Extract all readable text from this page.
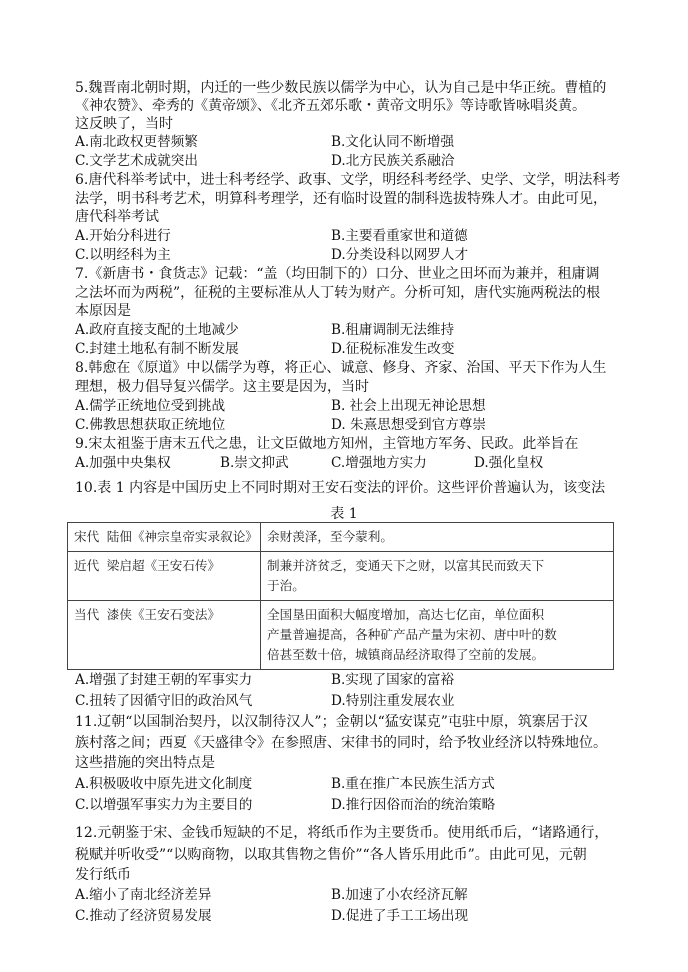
5.魏晋南北朝时期，内迁的一些少数民族以儒学为中心，认为自己是中华正统。曹植的
《神农赞》、牵秀的《黄帝颂》、《北齐五郊乐歌・黄帝文明乐》等诗歌皆咏唱炎黄。
这反映了，当时
A.南北政权更替频繁	B.文化认同不断增强
C.文学艺术成就突出	D.北方民族关系融洽
6.唐代科举考试中，进士科考经学、政事、文学，明经科考经学、史学、文学，明法科考
法学，明书科考艺术，明算科考理学，还有临时设置的制科选拔特殊人才。由此可见，
唐代科举考试
A.开始分科进行	B.主要看重家世和道德
C.以明经科为主	D.分类设科以网罗人才
7.《新唐书・食货志》记载：“盖（均田制下的）口分、世业之田坏而为兼并，租庸调
之法坏而为两税”，征税的主要标准从人丁转为财产。分析可知，唐代实施两税法的根
本原因是
A.政府直接支配的土地减少	B.租庸调制无法维持
C.封建土地私有制不断发展	D.征税标准发生改变
8.韩愈在《原道》中以儒学为尊，将正心、诚意、修身、齐家、治国、平天下作为人生
理想，极力倡导复兴儒学。这主要是因为，当时
A.儒学正统地位受到挑战	B. 社会上出现无神论思想
C.佛教思想获取正统地位	D. 朱熹思想受到官方尊崇
9.宋太祖鉴于唐末五代之患，让文臣做地方知州，主管地方军务、民政。此举旨在
A.加强中央集权	B.崇文抑武	C.增强地方实力	D.强化皇权
10.表 1 内容是中国历史上不同时期对王安石变法的评价。这些评价普遍认为，该变法
表 1
宋代 陆佃《神宗皇帝实录叙论》	余财羡泽，至今蒙利。

近代 梁启超《王安石传》	制兼并济贫乏，变通天下之财，以富其民而致天下
于治。

当代 漆侠《王安石变法》	全国垦田面积大幅度增加，高达七亿亩，单位面积
产量普遍提高，各种矿产品产量为宋初、唐中叶的数
倍甚至数十倍，城镇商品经济取得了空前的发展。
A.增强了封建王朝的军事实力	B.实现了国家的富裕
C.扭转了因循守旧的政治风气	D.特别注重发展农业
11.辽朝“以国制治契丹，以汉制待汉人”；金朝以“猛安谋克”屯驻中原，筑寨居于汉
族村落之间；西夏《天盛律令》在参照唐、宋律书的同时，给予牧业经济以特殊地位。
这些措施的突出特点是
A.积极吸收中原先进文化制度	B.重在推广本民族生活方式
C.以增强军事实力为主要目的	D.推行因俗而治的统治策略
12.元朝鉴于宋、金钱币短缺的不足，将纸币作为主要货币。使用纸币后，“诸路通行，
税赋并听收受”“以购商物，以取其售物之售价”“各人皆乐用此币”。由此可见，元朝
发行纸币
A.缩小了南北经济差异	B.加速了小农经济瓦解
C.推动了经济贸易发展	D.促进了手工工场出现
